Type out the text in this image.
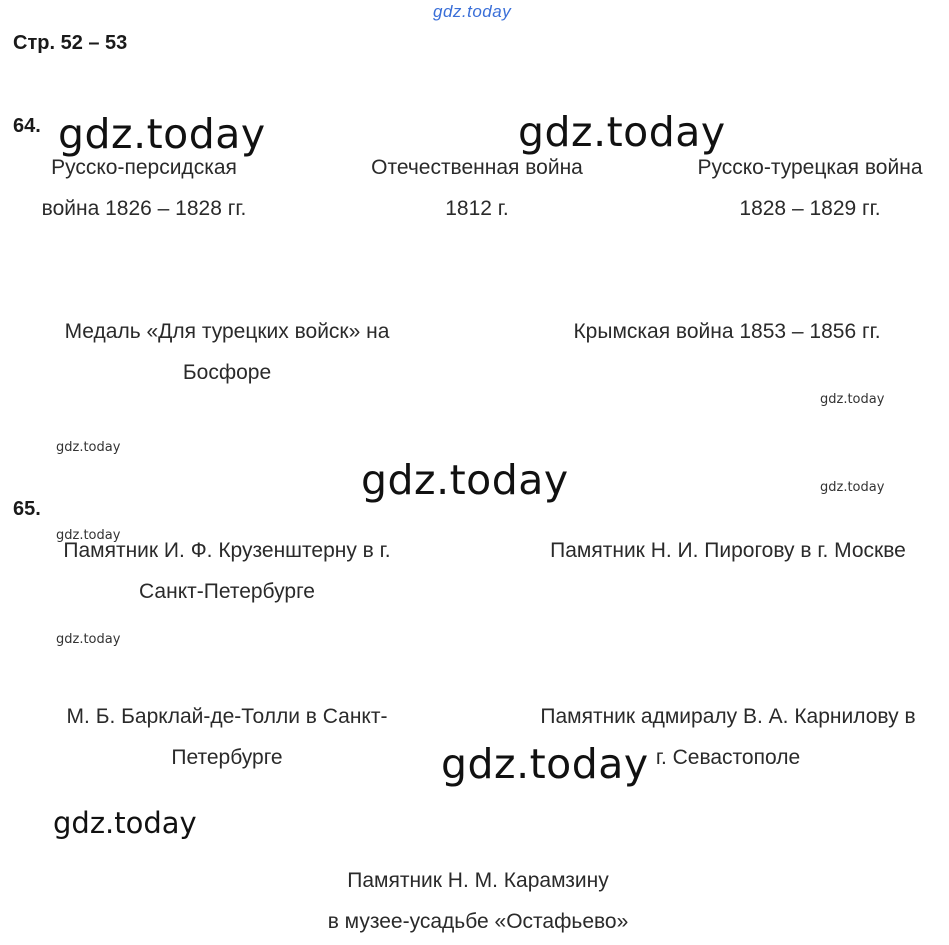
gdz.today
Стр. 52 – 53
64.
Русско-персидская
война 1826 – 1828 гг.
Отечественная война
1812 г.
Русско-турецкая война
1828 – 1829 гг.
Медаль «Для турецких войск» на
Босфоре
Крымская война 1853 – 1856 гг.
65.
Памятник И. Ф. Крузенштерну в г.
Санкт-Петербурге
Памятник Н. И. Пирогову в г. Москве
М. Б. Барклай-де-Толли в Санкт-
Петербурге
Памятник адмиралу В. А. Карнилову в
г. Севастополе
Памятник Н. М. Карамзину
в музее-усадьбе «Остафьево»
gdz.today	gdz.today
gdz.today
gdz.today
gdz.today
gdz.today
gdz.today
gdz.today
gdz.today
gdz.today
